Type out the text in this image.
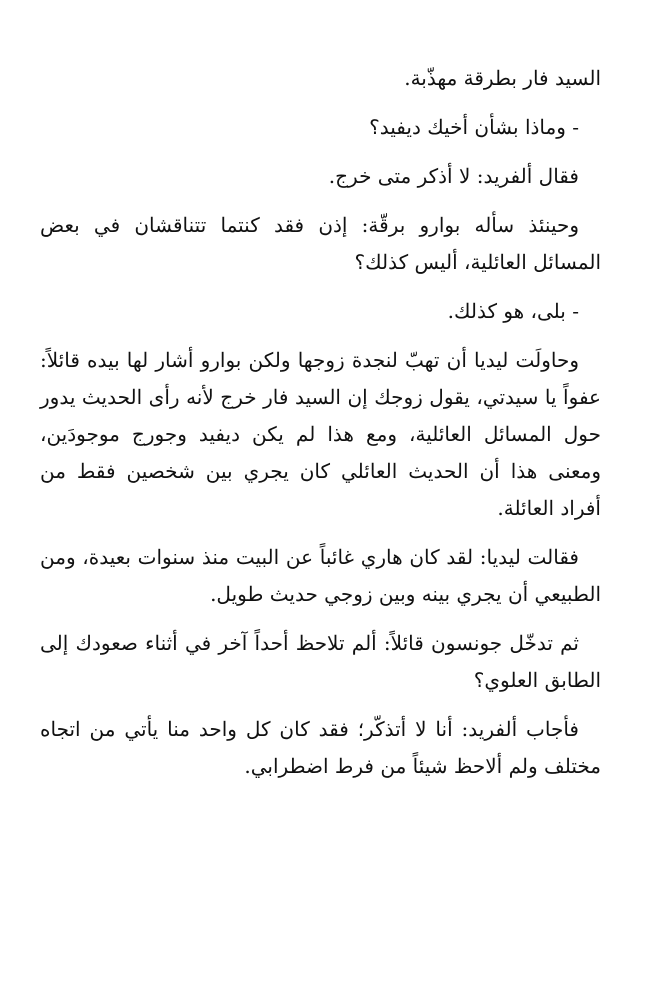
السيد فار بطرقة مهذّبة.

- وماذا بشأن أخيك ديفيد؟

فقال ألفريد: لا أذكر متى خرج.

وحينئذ سأله بوارو برقّة: إذن فقد كنتما تتناقشان في بعض المسائل العائلية، أليس كذلك؟

- بلى، هو كذلك.

وحاولَت ليديا أن تهبّ لنجدة زوجها ولكن بوارو أشار لها بيده قائلاً: عفواً يا سيدتي، يقول زوجك إن السيد فار خرج لأنه رأى الحديث يدور حول المسائل العائلية، ومع هذا لم يكن ديفيد وجورج موجودَين، ومعنى هذا أن الحديث العائلي كان يجري بين شخصين فقط من أفراد العائلة.

فقالت ليديا: لقد كان هاري غائباً عن البيت منذ سنوات بعيدة، ومن الطبيعي أن يجري بينه وبين زوجي حديث طويل.

ثم تدخّل جونسون قائلاً: ألم تلاحظ أحداً آخر في أثناء صعودك إلى الطابق العلوي؟

فأجاب ألفريد: أنا لا أتذكّر؛ فقد كان كل واحد منا يأتي من اتجاه مختلف ولم ألاحظ شيئاً من فرط اضطرابي.
